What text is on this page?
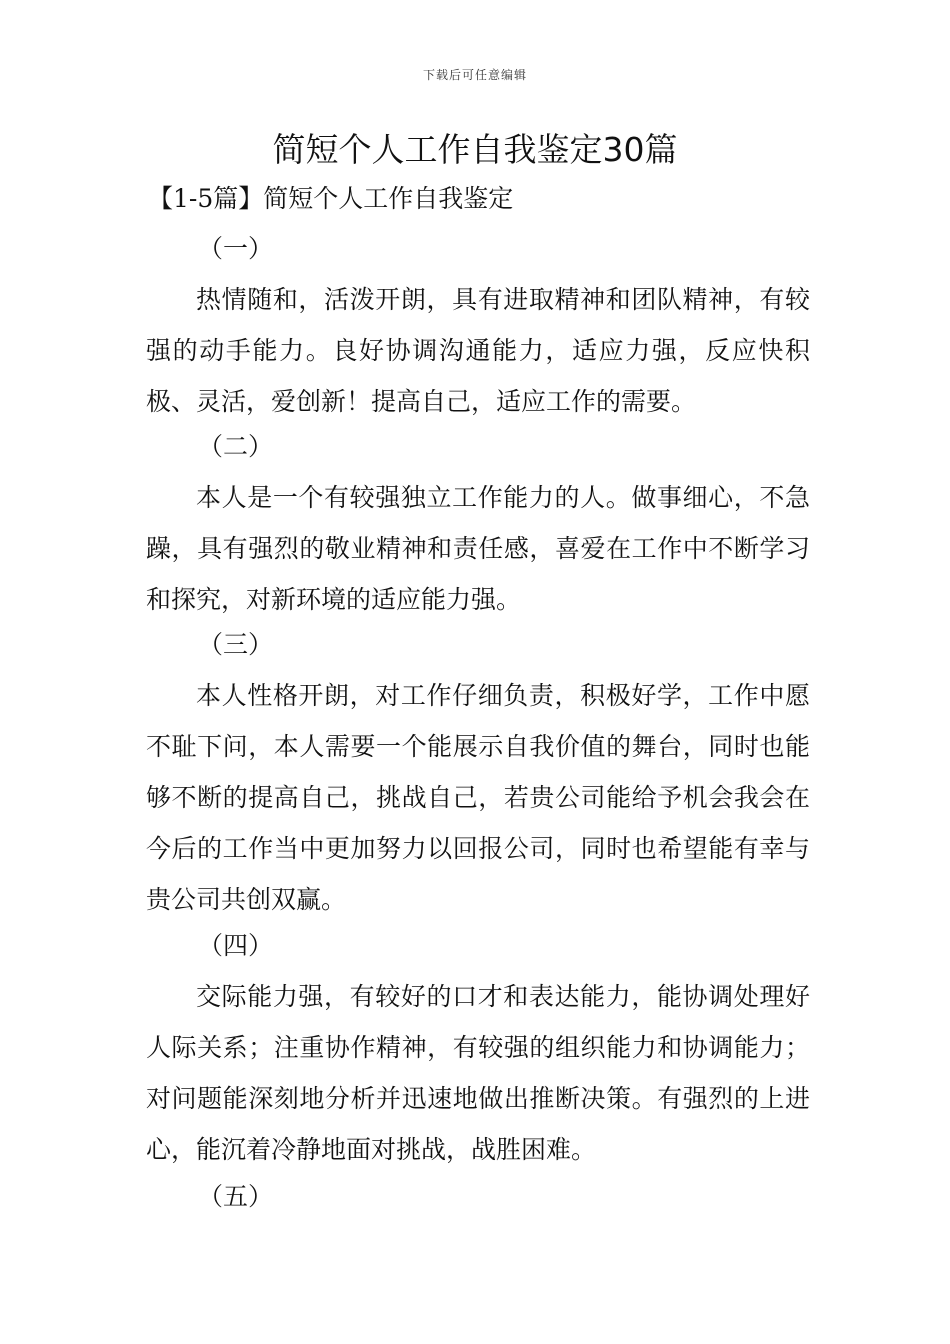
下载后可任意编辑
简短个人工作自我鉴定30篇
【1-5篇】简短个人工作自我鉴定
（一）

热情随和，活泼开朗，具有进取精神和团队精神，有较强的动手能力。良好协调沟通能力，适应力强，反应快积极、灵活，爱创新！提高自己，适应工作的需要。

（二）

本人是一个有较强独立工作能力的人。做事细心，不急躁，具有强烈的敬业精神和责任感，喜爱在工作中不断学习和探究，对新环境的适应能力强。

（三）

本人性格开朗，对工作仔细负责，积极好学，工作中愿不耻下问，本人需要一个能展示自我价值的舞台，同时也能够不断的提高自己，挑战自己，若贵公司能给予机会我会在今后的工作当中更加努力以回报公司，同时也希望能有幸与贵公司共创双赢。

（四）

交际能力强，有较好的口才和表达能力，能协调处理好人际关系；注重协作精神，有较强的组织能力和协调能力；对问题能深刻地分析并迅速地做出推断决策。有强烈的上进心，能沉着冷静地面对挑战，战胜困难。

（五）
